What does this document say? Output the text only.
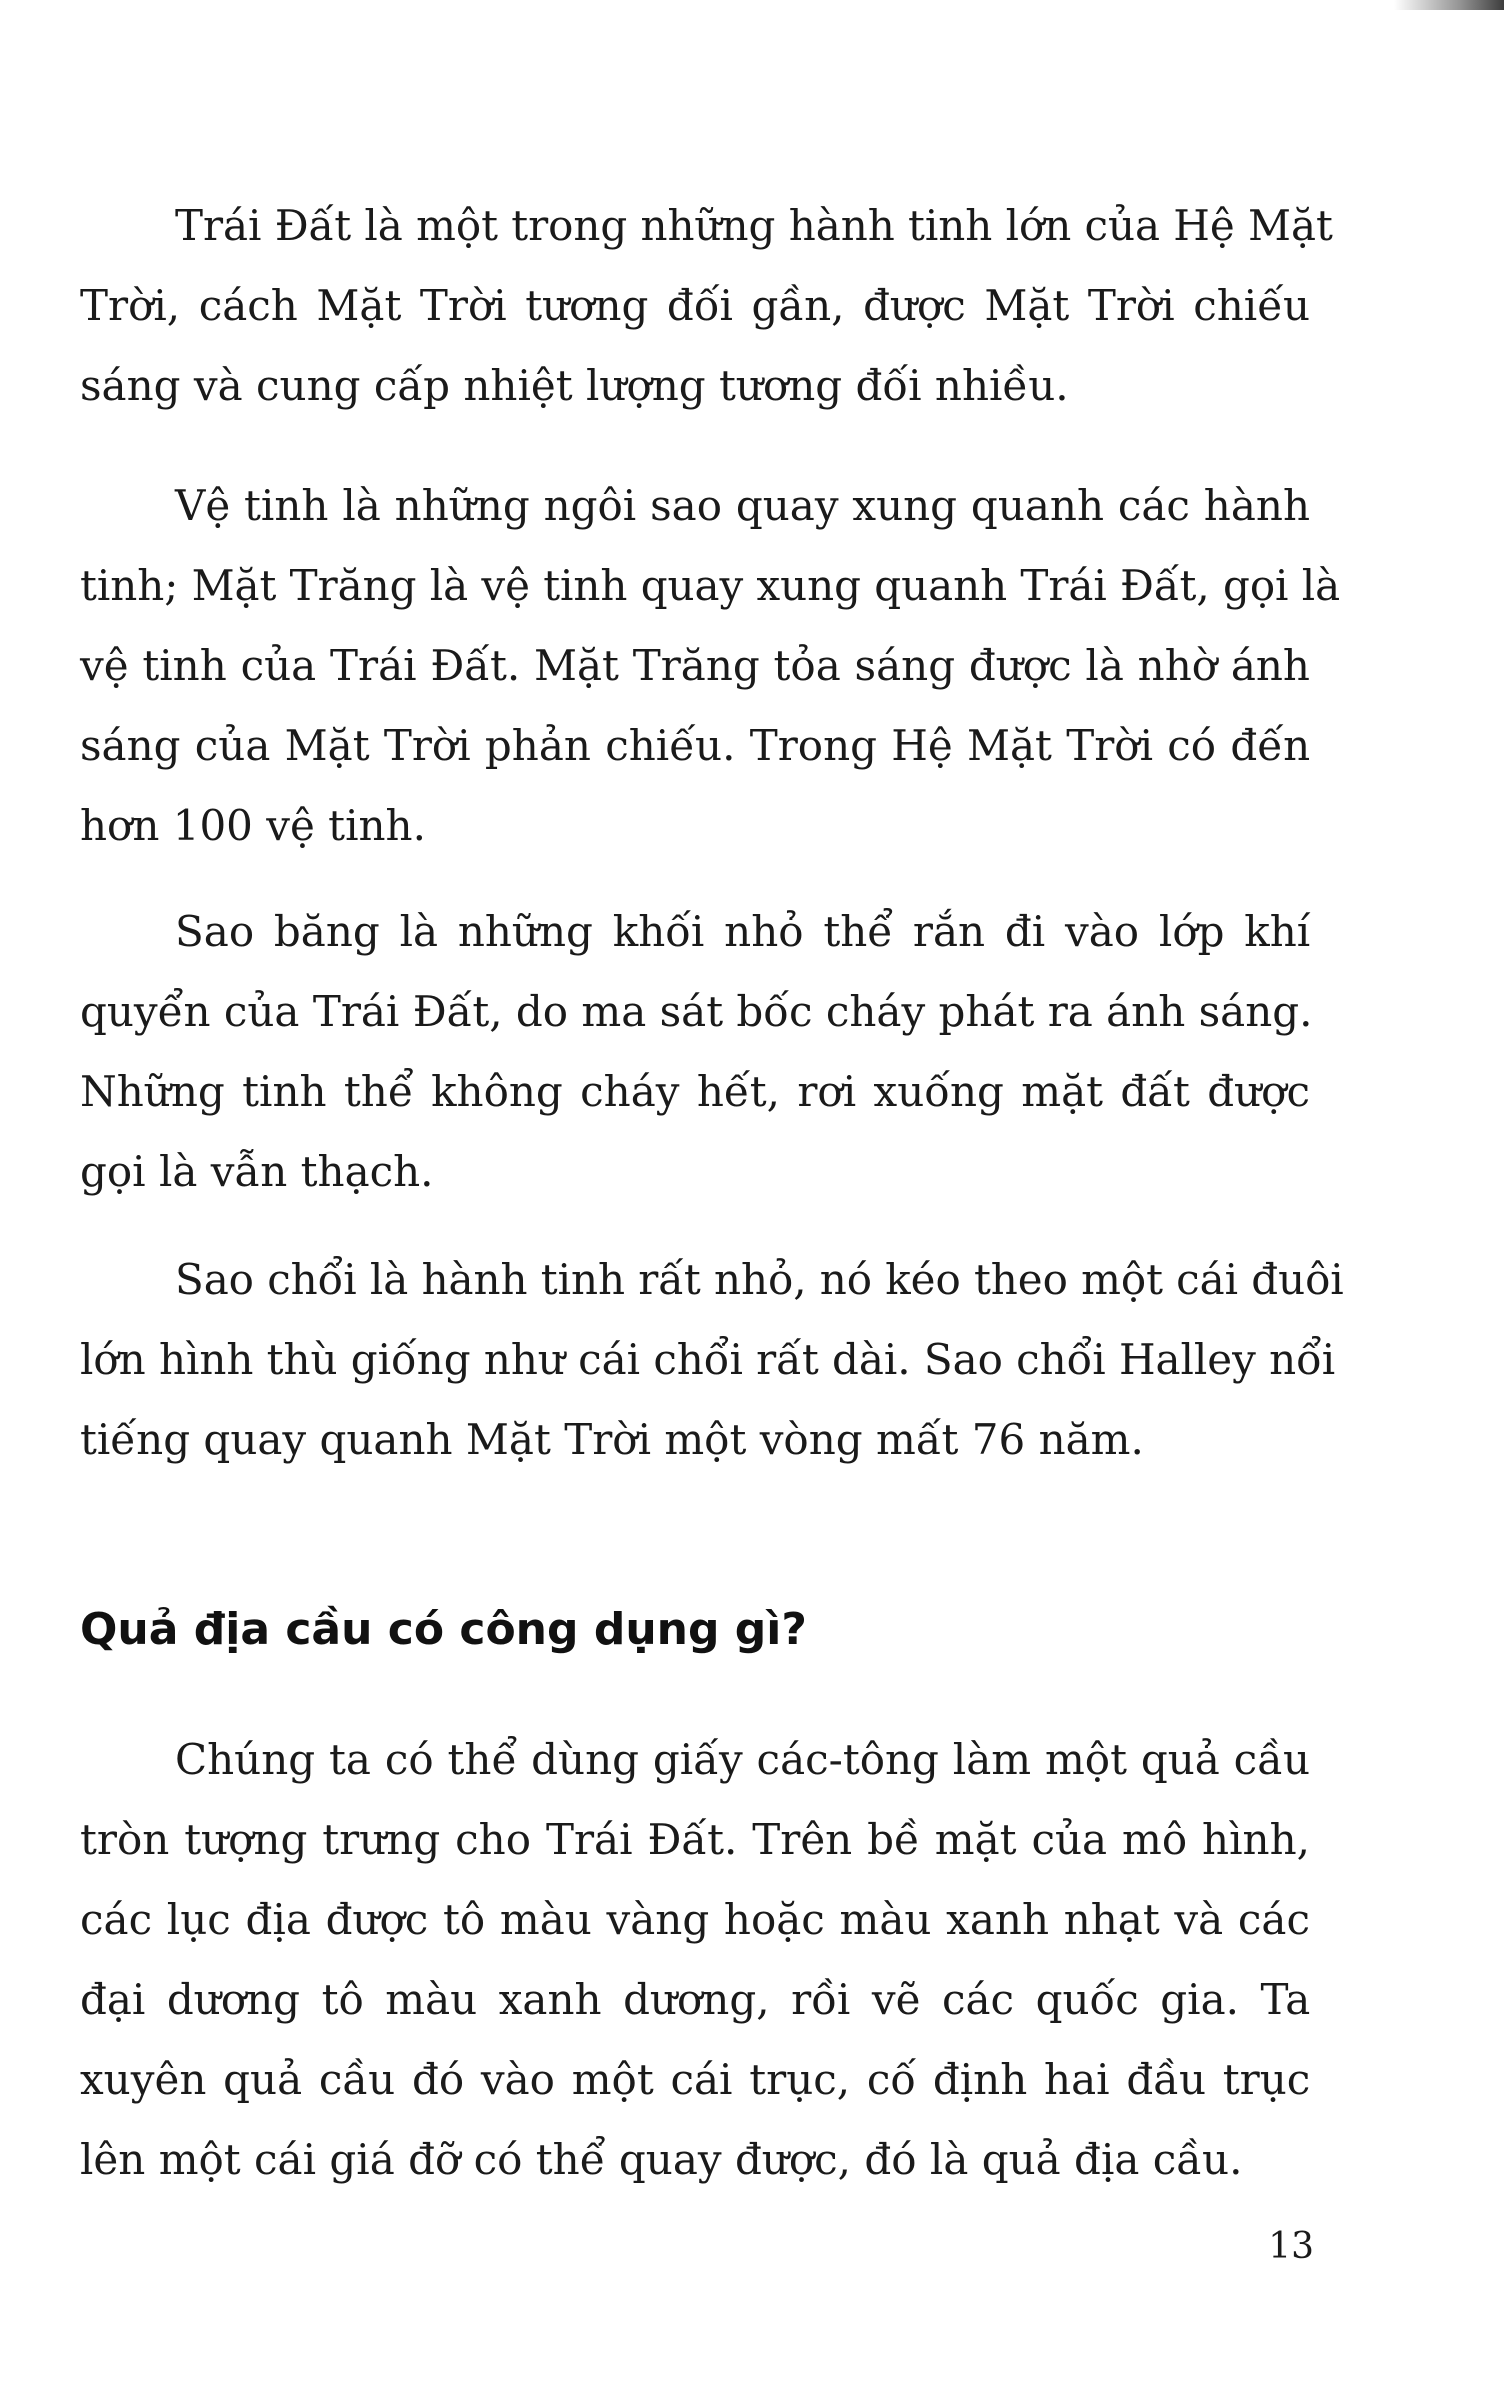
Trái Đất là một trong những hành tinh lớn của Hệ Mặt
Trời, cách Mặt Trời tương đối gần, được Mặt Trời chiếu
sáng và cung cấp nhiệt lượng tương đối nhiều.

Vệ tinh là những ngôi sao quay xung quanh các hành
tinh; Mặt Trăng là vệ tinh quay xung quanh Trái Đất, gọi là
vệ tinh của Trái Đất. Mặt Trăng tỏa sáng được là nhờ ánh
sáng của Mặt Trời phản chiếu. Trong Hệ Mặt Trời có đến
hơn 100 vệ tinh.

Sao băng là những khối nhỏ thể rắn đi vào lớp khí
quyển của Trái Đất, do ma sát bốc cháy phát ra ánh sáng.
Những tinh thể không cháy hết, rơi xuống mặt đất được
gọi là vẫn thạch.

Sao chổi là hành tinh rất nhỏ, nó kéo theo một cái đuôi
lớn hình thù giống như cái chổi rất dài. Sao chổi Halley nổi
tiếng quay quanh Mặt Trời một vòng mất 76 năm.

Quả địa cầu có công dụng gì?

Chúng ta có thể dùng giấy các-tông làm một quả cầu
tròn tượng trưng cho Trái Đất. Trên bề mặt của mô hình,
các lục địa được tô màu vàng hoặc màu xanh nhạt và các
đại dương tô màu xanh dương, rồi vẽ các quốc gia. Ta
xuyên quả cầu đó vào một cái trục, cố định hai đầu trục
lên một cái giá đỡ có thể quay được, đó là quả địa cầu.

13
